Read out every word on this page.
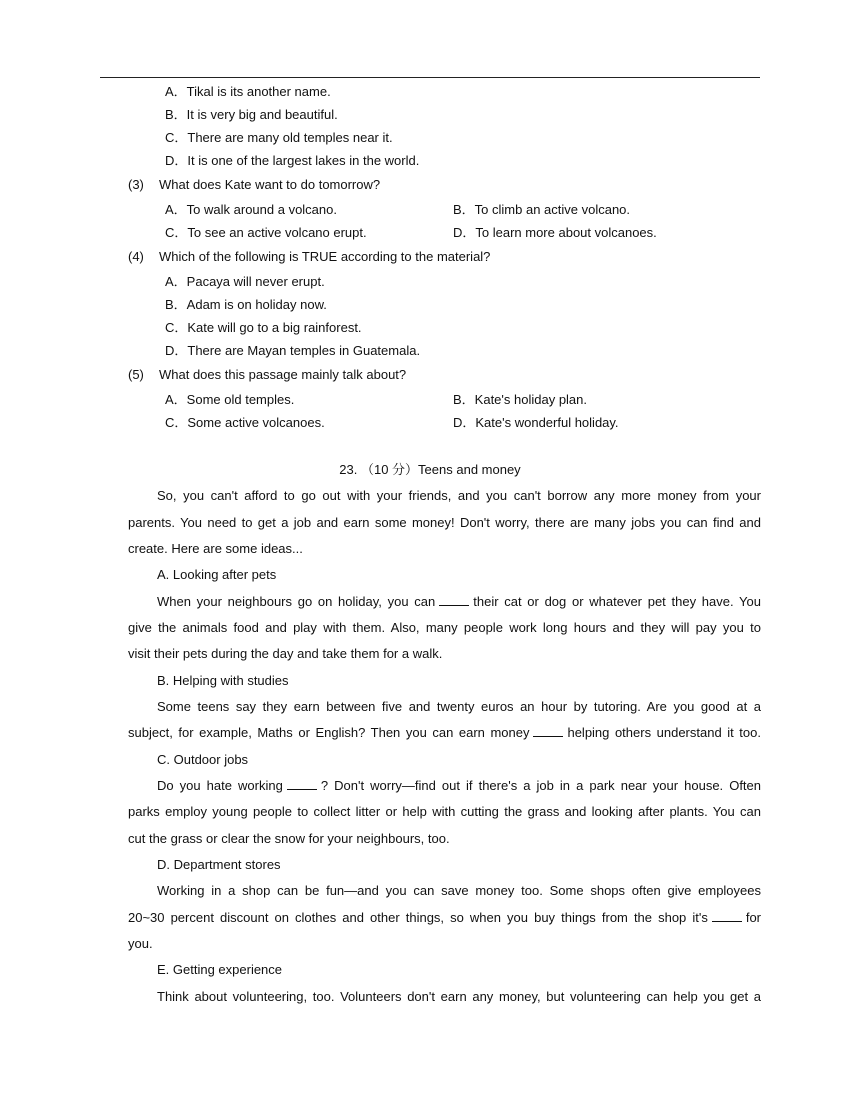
A．Tikal is its another name.
B．It is very big and beautiful.
C．There are many old temples near it.
D．It is one of the largest lakes in the world.
(3) What does Kate want to do tomorrow?
A．To walk around a volcano.	B．To climb an active volcano.
C．To see an active volcano erupt.	D．To learn more about volcanoes.
(4) Which of the following is TRUE according to the material?
A．Pacaya will never erupt.
B．Adam is on holiday now.
C．Kate will go to a big rainforest.
D．There are Mayan temples in Guatemala.
(5) What does this passage mainly talk about?
A．Some old temples.	B．Kate's holiday plan.
C．Some active volcanoes.	D．Kate's wonderful holiday.
23. （10 分）Teens and money
So, you can't afford to go out with your friends, and you can't borrow any more money from your
parents. You need to get a job and earn some money! Don't worry, there are many jobs you can find and
create. Here are some ideas...
A. Looking after pets
When your neighbours go on holiday, you can	their cat or dog or whatever pet they have. You
give the animals food and play with them. Also, many people work long hours and they will pay you to
visit their pets during the day and take them for a walk.
B. Helping with studies
Some teens say they earn between five and twenty euros an hour by tutoring. Are you good at a
subject, for example, Maths or English? Then you can earn money	helping others understand it too.
C. Outdoor jobs
Do you hate working	? Don't worry—find out if there's a job in a park near your house. Often
parks employ young people to collect litter or help with cutting the grass and looking after plants. You can
cut the grass or clear the snow for your neighbours, too.
D. Department stores
Working in a shop can be fun—and you can save money too. Some shops often give employees
20~30 percent discount on clothes and other things, so when you buy things from the shop it's	for
you.
E. Getting experience
Think about volunteering, too. Volunteers don't earn any money, but volunteering can help you get a
